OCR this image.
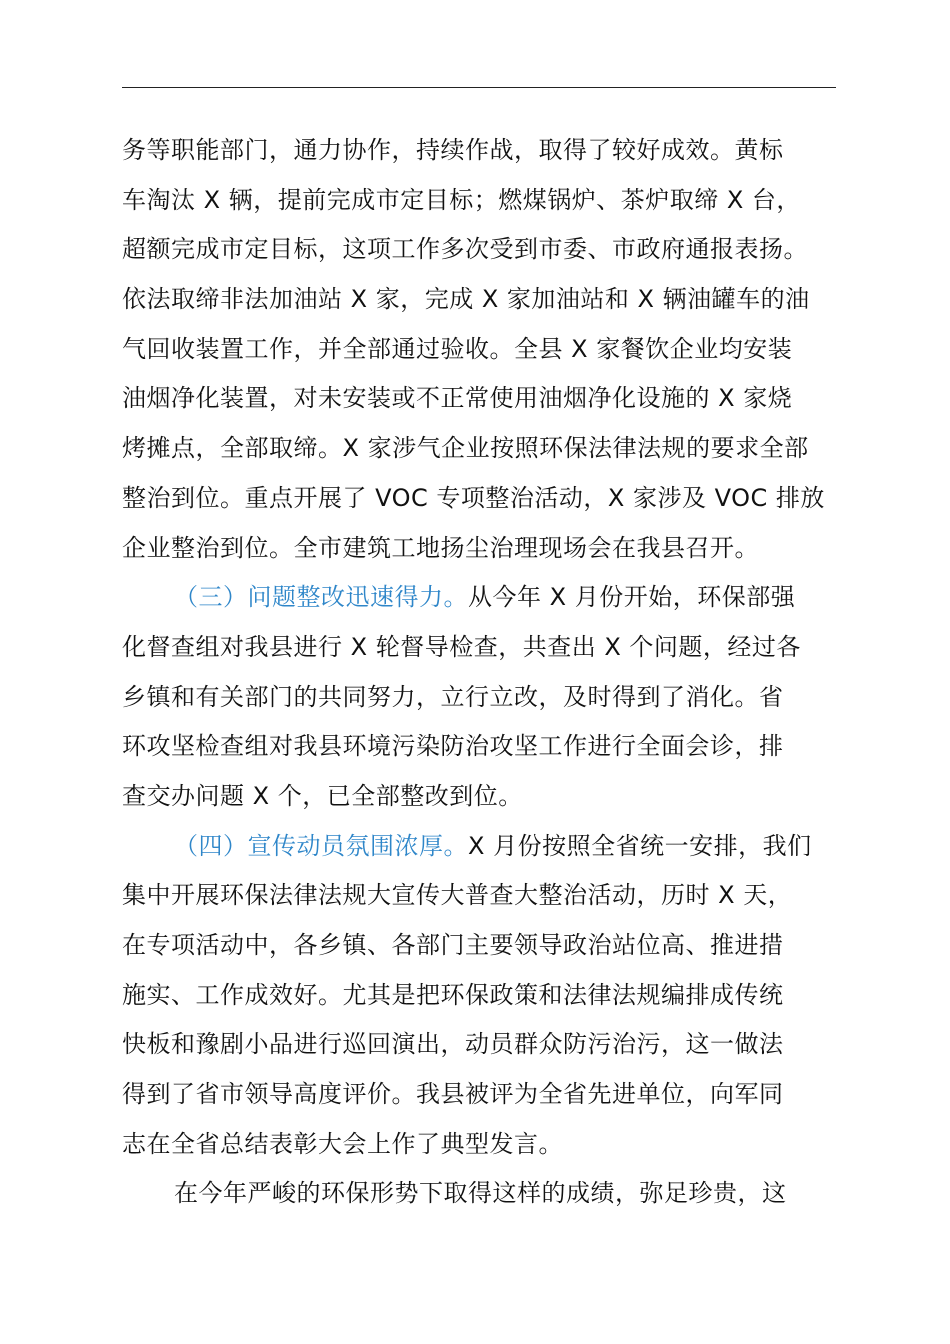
务等职能部门，通力协作，持续作战，取得了较好成效。黄标
车淘汰 X 辆，提前完成市定目标；燃煤锅炉、茶炉取缔 X 台，
超额完成市定目标，这项工作多次受到市委、市政府通报表扬。
依法取缔非法加油站 X 家，完成 X 家加油站和 X 辆油罐车的油
气回收装置工作，并全部通过验收。全县 X 家餐饮企业均安装
油烟净化装置，对未安装或不正常使用油烟净化设施的 X 家烧
烤摊点，全部取缔。X 家涉气企业按照环保法律法规的要求全部
整治到位。重点开展了 VOC 专项整治活动，X 家涉及 VOC 排放
企业整治到位。全市建筑工地扬尘治理现场会在我县召开。
（三）问题整改迅速得力。从今年 X 月份开始，环保部强
化督查组对我县进行 X 轮督导检查，共查出 X 个问题，经过各
乡镇和有关部门的共同努力，立行立改，及时得到了消化。省
环攻坚检查组对我县环境污染防治攻坚工作进行全面会诊，排
查交办问题 X 个，已全部整改到位。
（四）宣传动员氛围浓厚。X 月份按照全省统一安排，我们
集中开展环保法律法规大宣传大普查大整治活动，历时 X 天，
在专项活动中，各乡镇、各部门主要领导政治站位高、推进措
施实、工作成效好。尤其是把环保政策和法律法规编排成传统
快板和豫剧小品进行巡回演出，动员群众防污治污，这一做法
得到了省市领导高度评价。我县被评为全省先进单位，向军同
志在全省总结表彰大会上作了典型发言。
在今年严峻的环保形势下取得这样的成绩，弥足珍贵，这
